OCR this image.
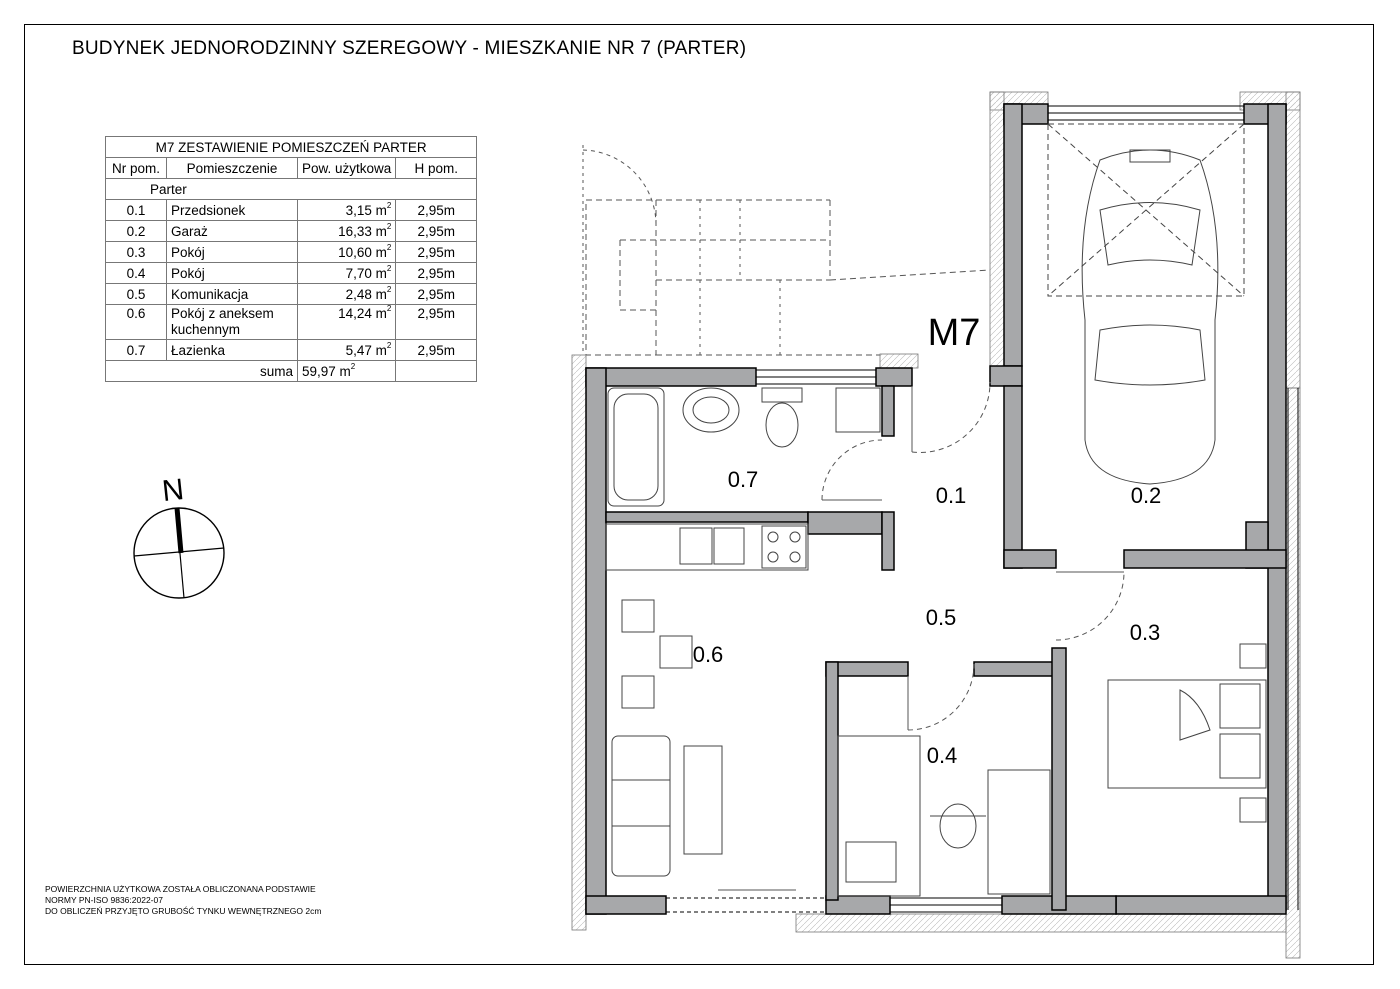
BUDYNEK JEDNORODZINNY SZEREGOWY - MIESZKANIE NR 7 (PARTER)
M7 ZESTAWIENIE POMIESZCZEŃ PARTER			
Nr pom.	Pomieszczenie	Pow. użytkowa	H pom.
Parter			
0.1	Przedsionek	3,15 $m^2$	2,95m
0.2	Garaż	16,33 $m^2$	2,95m
0.3	Pokój	10,60 $m^2$	2,95m
0.4	Pokój	7,70 $m^2$	2,95m
0.5	Komunikacja	2,48 $m^2$	2,95m
0.6	Pokój z aneksem kuchennym	14,24 $m^2$	2,95m
0.7	Łazienka	5,47 $m^2$	2,95m
suma		59,97 $m^2$	
N
M7
0.1	0.2
0.3
0.4
0.5
0.6
0.7
POWIERZCHNIA UŻYTKOWA ZOSTAŁA OBLICZONANA PODSTAWIE
NORMY PN-ISO 9836:2022-07
DO OBLICZEŃ PRZYJĘTO GRUBOŚĆ TYNKU WEWNĘTRZNEGO 2cm
